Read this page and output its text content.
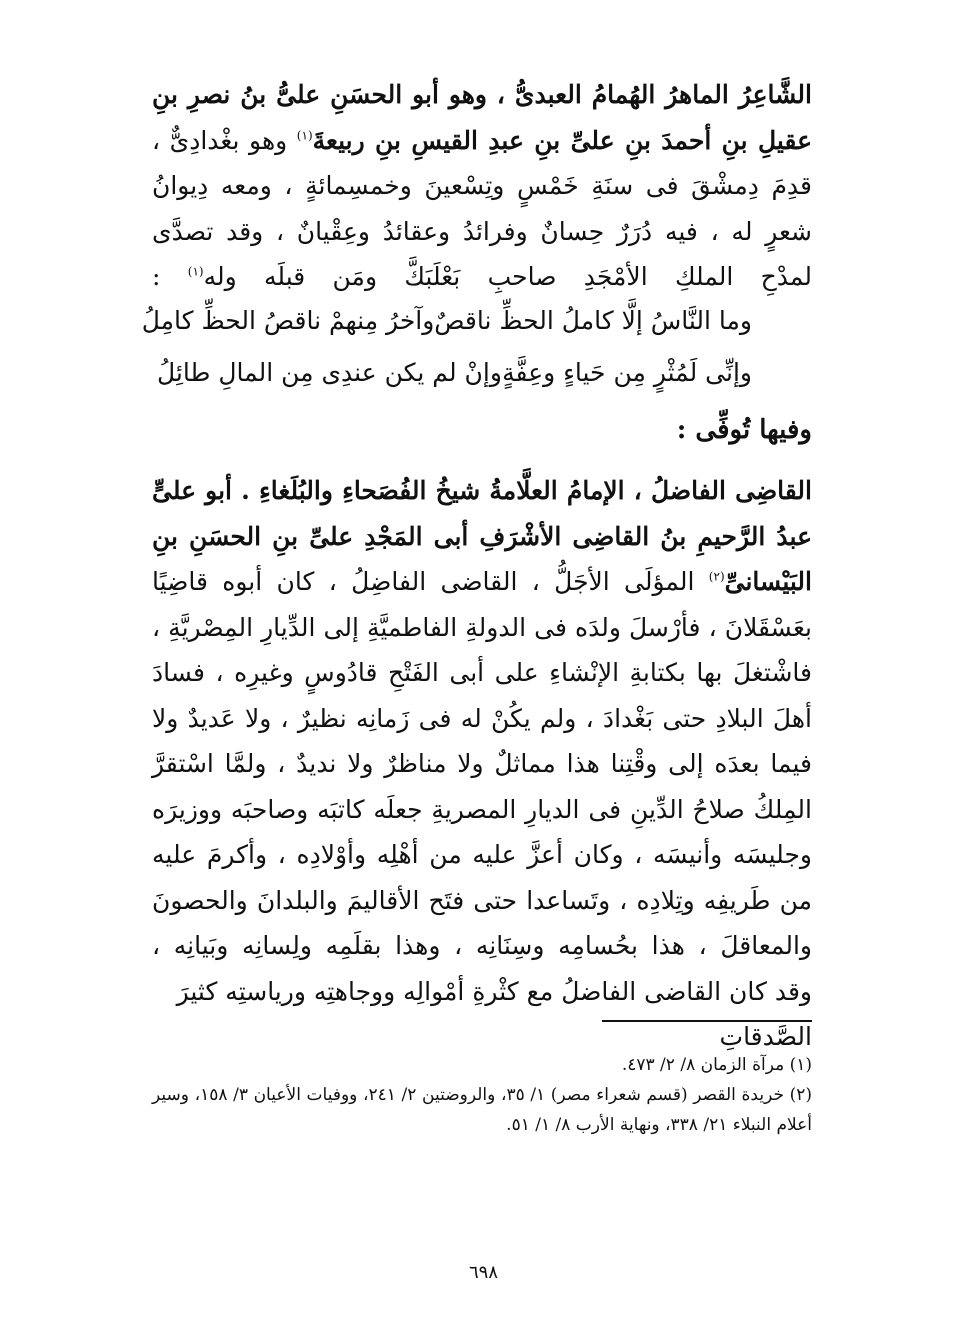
الشَّاعِرُ الماهرُ الهُمامُ العبدىُّ ، وهو أبو الحسَنِ علىُّ بنُ نصرِ بنِ عقيلِ بنِ أحمدَ بنِ علىِّ بنِ عبدِ القيسِ بنِ ربيعةَ$^{(١)}$ وهو بغْدادِىٌّ ، قدِمَ دِمشْقَ فى سنَةِ خَمْسٍ وتِسْعينَ وخمسِمائةٍ ، ومعه دِيوانُ شعرٍ له ، فيه دُرَرٌ حِسانٌ وفرائدُ وعقائدُ وعِقْيانٌ ، وقد تصدَّى لمدْحِ الملكِ الأمْجَدِ صاحبِ بَعْلَبَكَّ ومَن قبلَه وله$^{(١)}$ :
وما النَّاسُ إلَّا كاملُ الحظِّ ناقصٌ
وآخرُ مِنهمْ ناقصُ الحظِّ كامِلُ
وإنِّى لَمُثْرٍ مِن حَياءٍ وعِفَّةٍ
وإنْ لم يكن عندِى مِن المالِ طائِلُ
وفيها تُوفِّى :
القاضِى الفاضلُ ، الإمامُ العلَّامةُ شيخُ الفُصَحاءِ والبُلَغاءِ . أبو علىٍّ عبدُ الرَّحيمِ بنُ القاضِى الأشْرَفِ أبى المَجْدِ علىِّ بنِ الحسَنِ بنِ البَيْسانىِّ$^{(٢)}$ المؤلَى الأجَلُّ ، القاضى الفاضِلُ ، كان أبوه قاضِيًا بعَسْقَلانَ ، فأرْسلَ ولدَه فى الدولةِ الفاطميَّةِ إلى الدِّيارِ المِصْريَّةِ ، فاشْتغلَ بها بكتابةِ الإنْشاءِ على أبى الفَتْحِ قادُوسٍ وغيرِه ، فسادَ أهلَ البلادِ حتى بَغْدادَ ، ولم يكُنْ له فى زَمانِه نظيرٌ ، ولا عَديدٌ ولا فيما بعدَه إلى وقْتِنا هذا مماثلٌ ولا مناظرٌ ولا نديدٌ ، ولمَّا اسْتقرَّ المِلكُ صلاحُ الدِّينِ فى الديارِ المصريةِ جعلَه كاتبَه وصاحبَه ووزيرَه وجليسَه وأنيسَه ، وكان أعزَّ عليه من أهْلِه وأوْلادِه ، وأكرمَ عليه من طَريفِه وتِلادِه ، وتَساعدا حتى فتَح الأقاليمَ والبلدانَ والحصونَ والمعاقلَ ، هذا بحُسامِه وسِنَانِه ، وهذا بقلَمِه ولِسانِه وبَيانِه ،
وقد كان القاضى الفاضلُ مع كثْرةِ أمْوالِه ووجاهتِه ورياستِه كثيرَ الصَّدقاتِ
(١) مرآة الزمان ٨/ ٢/ ٤٧٣.
(٢) خريدة القصر (قسم شعراء مصر) ١/ ٣٥، والروضتين ٢/ ٢٤١، ووفيات الأعيان ٣/ ١٥٨، وسير أعلام النبلاء ٢١/ ٣٣٨، ونهاية الأرب ٨/ ١/ ٥١.
٦٩٨
